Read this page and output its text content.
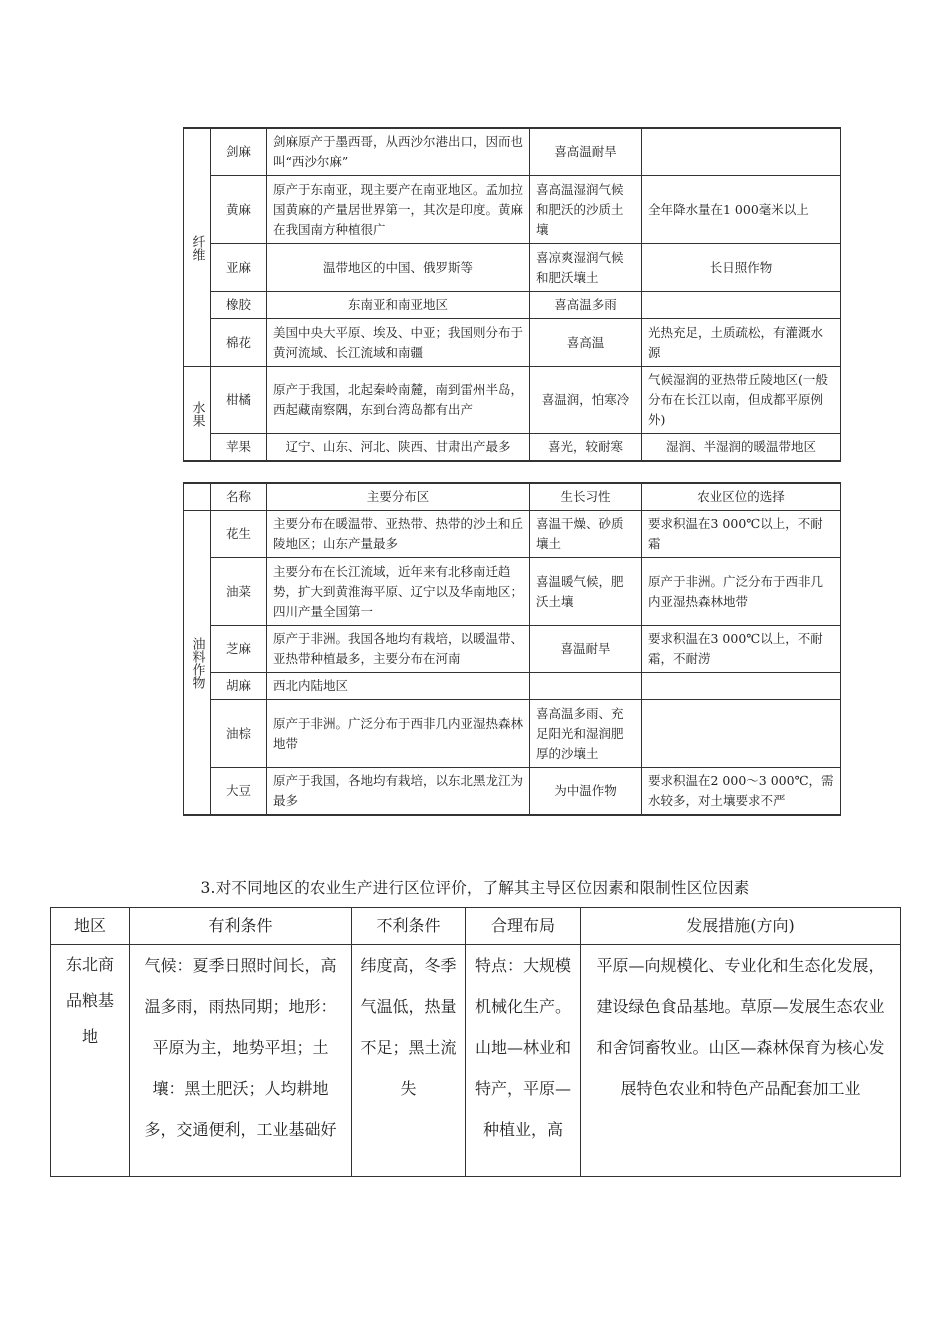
纤维	剑麻	剑麻原产于墨西哥，从西沙尔港出口，因而也叫“西沙尔麻”	喜高温耐旱	
	黄麻	原产于东南亚，现主要产在南亚地区。孟加拉国黄麻的产量居世界第一，其次是印度。黄麻在我国南方种植很广	喜高温湿润气候和肥沃的沙质土壤	全年降水量在1 000毫米以上
	亚麻	温带地区的中国、俄罗斯等	喜凉爽湿润气候和肥沃壤土	长日照作物
	橡胶	东南亚和南亚地区	喜高温多雨	
	棉花	美国中央大平原、埃及、中亚；我国则分布于黄河流域、长江流域和南疆	喜高温	光热充足，土质疏松，有灌溉水源
水果	柑橘	原产于我国，北起秦岭南麓，南到雷州半岛，西起藏南察隅，东到台湾岛都有出产	喜温润，怕寒冷	气候湿润的亚热带丘陵地区(一般分布在长江以南，但成都平原例外)
	苹果	辽宁、山东、河北、陕西、甘肃出产最多	喜光，较耐寒	湿润、半湿润的暖温带地区
	名称	主要分布区	生长习性	农业区位的选择
油料作物	花生	主要分布在暖温带、亚热带、热带的沙土和丘陵地区；山东产量最多	喜温干燥、砂质壤土	要求积温在3 000℃以上，不耐霜
	油菜	主要分布在长江流域，近年来有北移南迁趋势，扩大到黄淮海平原、辽宁以及华南地区；四川产量全国第一	喜温暖气候，肥沃土壤	原产于非洲。广泛分布于西非几内亚湿热森林地带
	芝麻	原产于非洲。我国各地均有栽培，以暖温带、亚热带种植最多，主要分布在河南	喜温耐旱	要求积温在3 000℃以上，不耐霜，不耐涝
	胡麻	西北内陆地区		
	油棕	原产于非洲。广泛分布于西非几内亚湿热森林地带	喜高温多雨、充足阳光和湿润肥厚的沙壤土	
	大豆	原产于我国，各地均有栽培，以东北黑龙江为最多	为中温作物	要求积温在2 000～3 000℃，需水较多，对土壤要求不严
3.对不同地区的农业生产进行区位评价，了解其主导区位因素和限制性区位因素
地区	有利条件	不利条件	合理布局	发展措施(方向)
东北商品粮基地	气候：夏季日照时间长，高温多雨，雨热同期；地形：平原为主，地势平坦；土壤：黑土肥沃；人均耕地多，交通便利，工业基础好	纬度高，冬季气温低，热量不足；黑土流失	特点：大规模机械化生产。山地—林业和特产，平原—种植业，高	平原—向规模化、专业化和生态化发展，建设绿色食品基地。草原—发展生态农业和舍饲畜牧业。山区—森林保育为核心发展特色农业和特色产品配套加工业
